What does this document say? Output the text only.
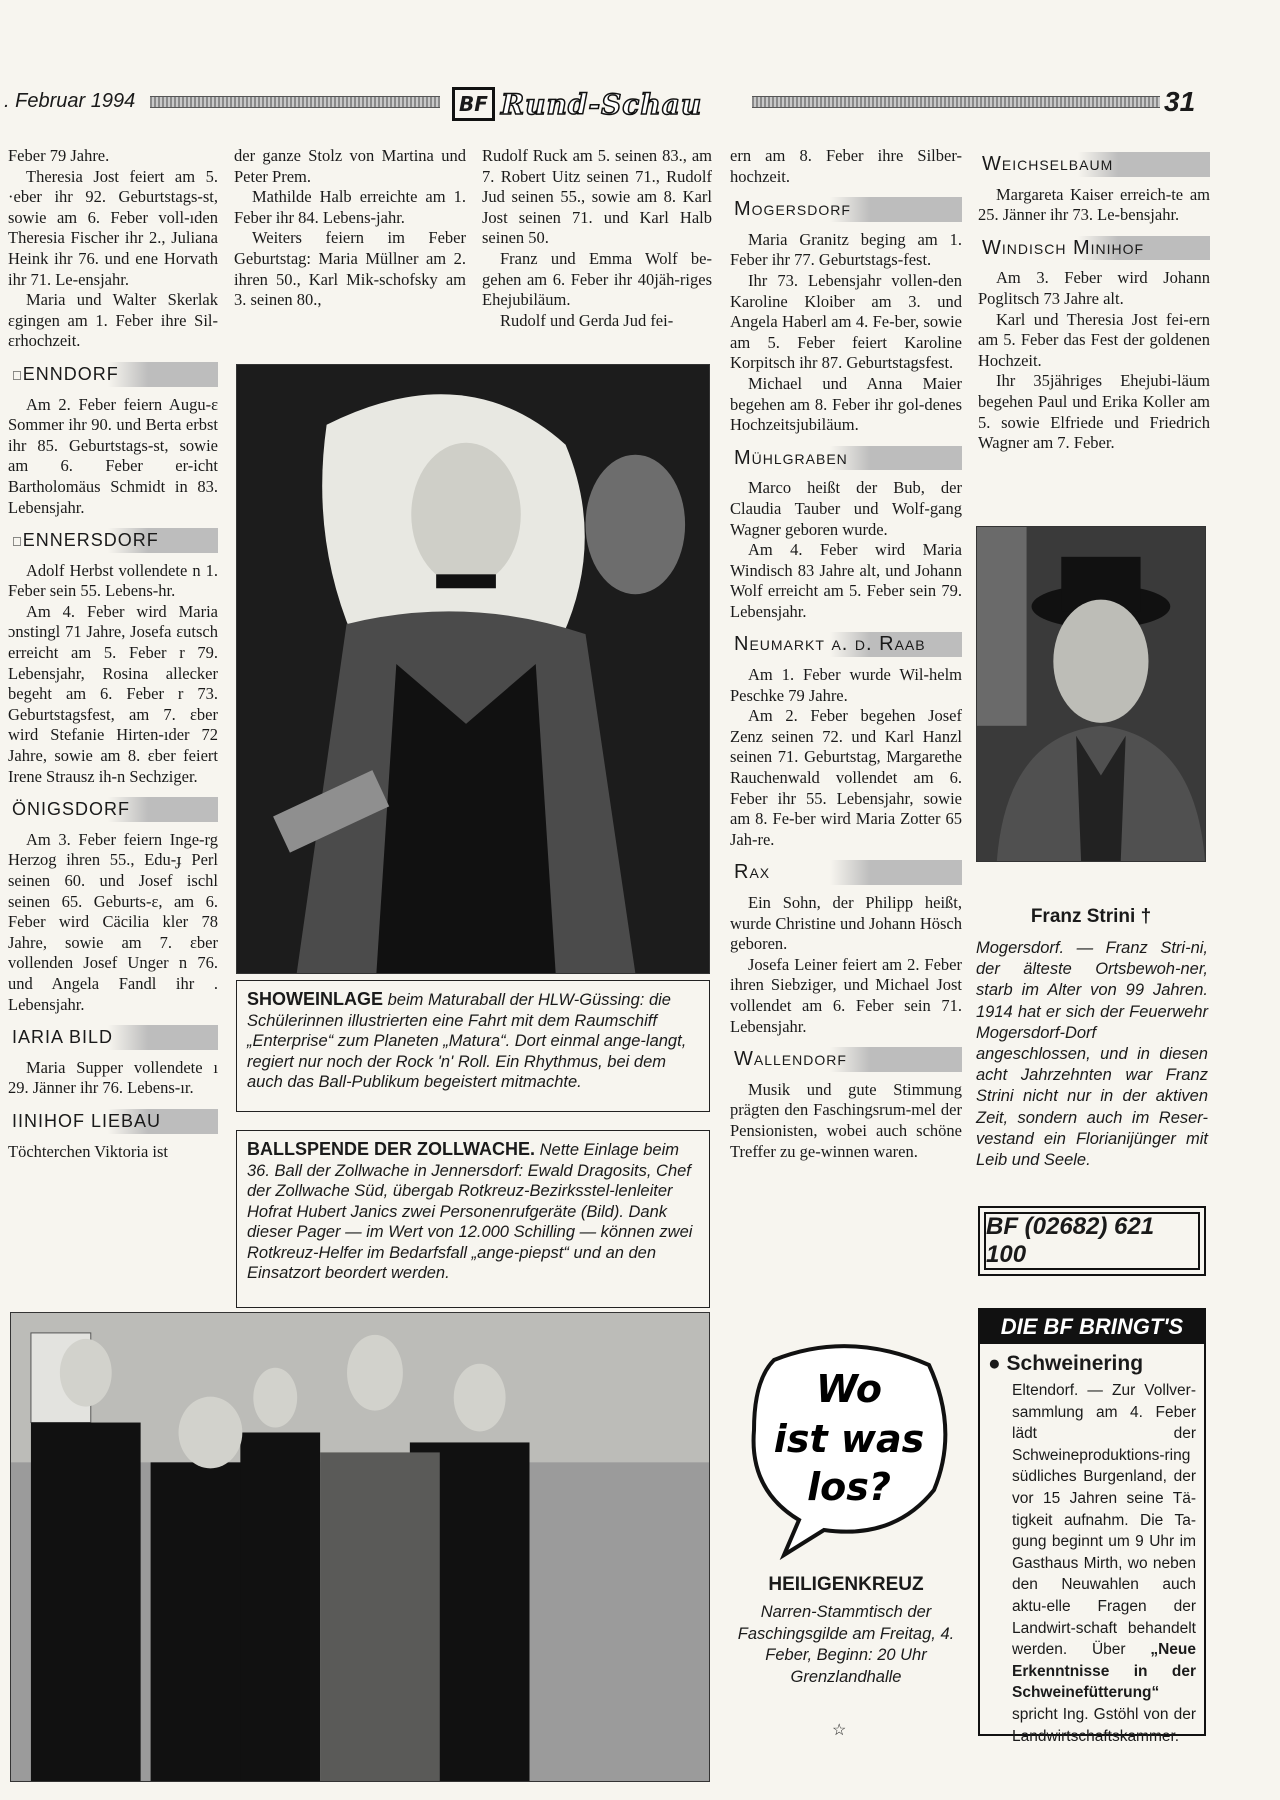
. Februar 1994	BF Rund-Schau	31

Feber 79 Jahre.

Theresia Jost feiert am 5. ·eber ihr 92. Geburtstags-st, sowie am 6. Feber voll-ıden Theresia Fischer ihr 2., Juliana Heink ihr 76. und ene Horvath ihr 71. Le-ensjahr.

Maria und Walter Skerlak ɛgingen am 1. Feber ihre Sil-ɛrhochzeit.

ɪENNDORF

Am 2. Feber feiern Augu-ɛ Sommer ihr 90. und Berta erbst ihr 85. Geburtstags-st, sowie am 6. Feber er-icht Bartholomäus Schmidt in 83. Lebensjahr.

ɪENNERSDORF

Adolf Herbst vollendete n 1. Feber sein 55. Lebens-hr.

Am 4. Feber wird Maria ɔnstingl 71 Jahre, Josefa ɛutsch erreicht am 5. Feber r 79. Lebensjahr, Rosina allecker begeht am 6. Feber r 73. Geburtstagsfest, am 7. ɛber wird Stefanie Hirten-ıder 72 Jahre, sowie am 8. ɛber feiert Irene Strausz ih-n Sechziger.

ÖNIGSDORF

Am 3. Feber feiern Inge-rg Herzog ihren 55., Edu-ɟ Perl seinen 60. und Josef ischl seinen 65. Geburts-ɛ, am 6. Feber wird Cäcilia kler 78 Jahre, sowie am 7. ɛber vollenden Josef Unger n 76. und Angela Fandl ihr . Lebensjahr.

IARIA BILD

Maria Supper vollendete ı 29. Jänner ihr 76. Lebens-ır.

IINIHOF LIEBAU

Töchterchen Viktoria ist

der ganze Stolz von Martina und Peter Prem.

Mathilde Halb erreichte am 1. Feber ihr 84. Lebens-jahr.

Weiters feiern im Feber Geburtstag: Maria Müllner am 2. ihren 50., Karl Mik-schofsky am 3. seinen 80.,

Rudolf Ruck am 5. seinen 83., am 7. Robert Uitz seinen 71., Rudolf Jud seinen 55., sowie am 8. Karl Jost seinen 71. und Karl Halb seinen 50.

Franz und Emma Wolf be-gehen am 6. Feber ihr 40jäh-riges Ehejubiläum.

Rudolf und Gerda Jud fei-

SHOWEINLAGE beim Maturaball der HLW-Güssing: die Schülerinnen illustrierten eine Fahrt mit dem Raumschiff „Enterprise“ zum Planeten „Matura“. Dort einmal ange-langt, regiert nur noch der Rock 'n' Roll. Ein Rhythmus, bei dem auch das Ball-Publikum begeistert mitmachte.
BALLSPENDE DER ZOLLWACHE. Nette Einlage beim 36. Ball der Zollwache in Jennersdorf: Ewald Dragosits, Chef der Zollwache Süd, übergab Rotkreuz-Bezirksstel-lenleiter Hofrat Hubert Janics zwei Personenrufgeräte (Bild). Dank dieser Pager — im Wert von 12.000 Schilling — können zwei Rotkreuz-Helfer im Bedarfsfall „ange-piepst“ und an den Einsatzort beordert werden.

ern am 8. Feber ihre Silber-hochzeit.

Mogersdorf

Maria Granitz beging am 1. Feber ihr 77. Geburtstags-fest.

Ihr 73. Lebensjahr vollen-den Karoline Kloiber am 3. und Angela Haberl am 4. Fe-ber, sowie am 5. Feber feiert Karoline Korpitsch ihr 87. Geburtstagsfest.

Michael und Anna Maier begehen am 8. Feber ihr gol-denes Hochzeitsjubiläum.

Mühlgraben

Marco heißt der Bub, der Claudia Tauber und Wolf-gang Wagner geboren wurde.

Am 4. Feber wird Maria Windisch 83 Jahre alt, und Johann Wolf erreicht am 5. Feber sein 79. Lebensjahr.

Neumarkt a. d. Raab

Am 1. Feber wurde Wil-helm Peschke 79 Jahre.

Am 2. Feber begehen Josef Zenz seinen 72. und Karl Hanzl seinen 71. Geburtstag, Margarethe Rauchenwald vollendet am 6. Feber ihr 55. Lebensjahr, sowie am 8. Fe-ber wird Maria Zotter 65 Jah-re.

Rax

Ein Sohn, der Philipp heißt, wurde Christine und Johann Hösch geboren.

Josefa Leiner feiert am 2. Feber ihren Siebziger, und Michael Jost vollendet am 6. Feber sein 71. Lebensjahr.

Wallendorf

Musik und gute Stimmung prägten den Faschingsrum-mel der Pensionisten, wobei auch schöne Treffer zu ge-winnen waren.

Weichselbaum

Margareta Kaiser erreich-te am 25. Jänner ihr 73. Le-bensjahr.

Windisch Minihof

Am 3. Feber wird Johann Poglitsch 73 Jahre alt.

Karl und Theresia Jost fei-ern am 5. Feber das Fest der goldenen Hochzeit.

Ihr 35jähriges Ehejubi-läum begehen Paul und Erika Koller am 5. sowie Elfriede und Friedrich Wagner am 7. Feber.

Franz Strini †
Mogersdorf. — Franz Stri-ni, der älteste Ortsbewoh-ner, starb im Alter von 99 Jahren. 1914 hat er sich der Feuerwehr Mogersdorf-Dorf angeschlossen, und in diesen acht Jahrzehnten war Franz Strini nicht nur in der aktiven Zeit, sondern auch im Reser-vestand ein Florianijünger mit Leib und Seele.
BF (02682) 621 100
Wo
ist was
los?
HEILIGENKREUZ
Narren-Stammtisch der Faschingsgilde am Freitag, 4. Feber, Beginn: 20 Uhr Grenzlandhalle
☆
DIE BF BRINGT'S
● Schweinering
Eltendorf. — Zur Vollver-sammlung am 4. Feber lädt der Schweineproduktions-ring südliches Burgenland, der vor 15 Jahren seine Tä-tigkeit aufnahm. Die Ta-gung beginnt um 9 Uhr im Gasthaus Mirth, wo neben den Neuwahlen auch aktu-elle Fragen der Landwirt-schaft behandelt werden. Über „Neue Erkenntnisse in der Schweinefütterung“ spricht Ing. Gstöhl von der Landwirtschaftskammer.
